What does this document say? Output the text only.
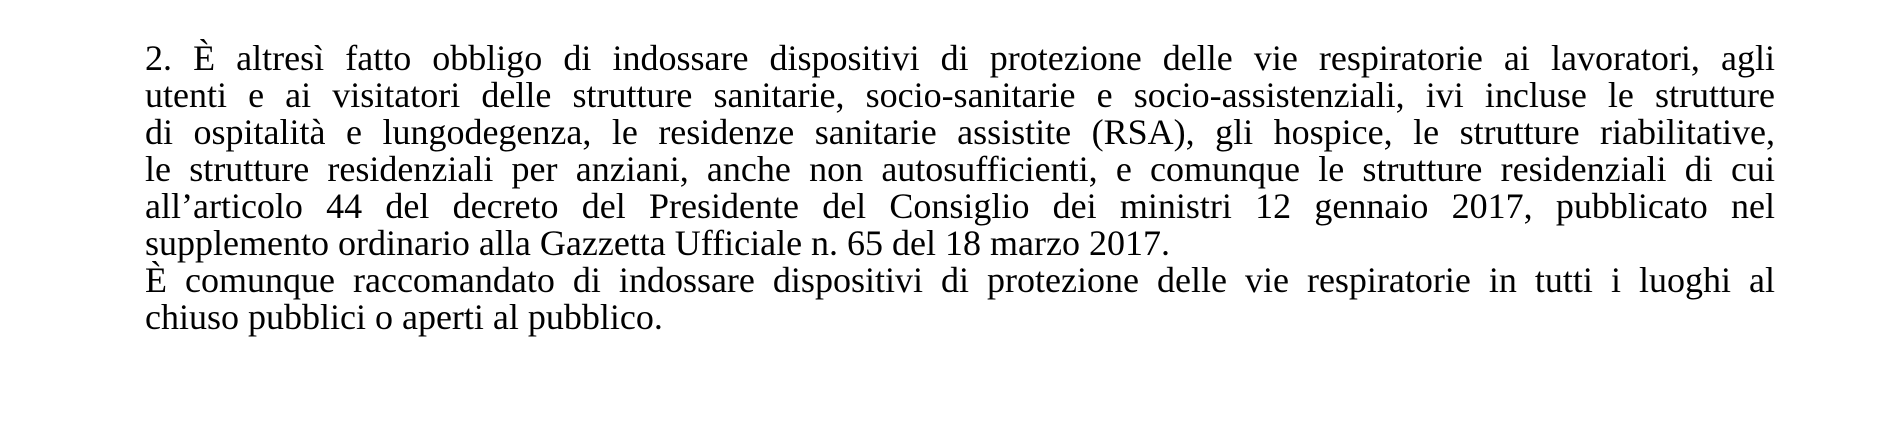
2. È altresì fatto obbligo di indossare dispositivi di protezione delle vie respiratorie ai lavoratori, agli
utenti e ai visitatori delle strutture sanitarie, socio-sanitarie e socio-assistenziali, ivi incluse le strutture
di ospitalità e lungodegenza, le residenze sanitarie assistite (RSA), gli hospice, le strutture riabilitative,
le strutture residenziali per anziani, anche non autosufficienti, e comunque le strutture residenziali di cui
all’articolo 44 del decreto del Presidente del Consiglio dei ministri 12 gennaio 2017, pubblicato nel
supplemento ordinario alla Gazzetta Ufficiale n. 65 del 18 marzo 2017.
È comunque raccomandato di indossare dispositivi di protezione delle vie respiratorie in tutti i luoghi al
chiuso pubblici o aperti al pubblico.
